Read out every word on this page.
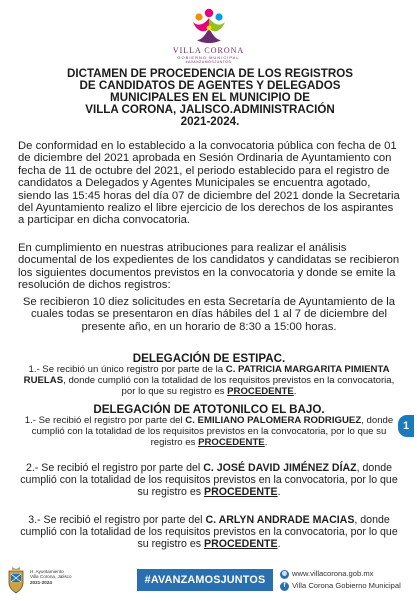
VILLA CORONA
GOBIERNO MUNICIPAL
#AVANZAMOSJUNTOS
DICTAMEN DE PROCEDENCIA DE LOS REGISTROS
DE CANDIDATOS DE AGENTES Y DELEGADOS
MUNICIPALES EN EL MUNICIPIO DE
VILLA CORONA, JALISCO.ADMINISTRACIÓN
2021-2024.

De conformidad en lo establecido a la convocatoria pública con fecha de 01 de diciembre del 2021 aprobada en Sesión Ordinaria de Ayuntamiento con fecha de 11 de octubre del 2021, el periodo establecido para el registro de candidatos a Delegados y Agentes Municipales se encuentra agotado, siendo las 15:45 horas del día 07 de diciembre del 2021 donde la Secretaria del Ayuntamiento realizo el libre ejercicio de los derechos de los aspirantes a participar en dicha convocatoria.

En cumplimiento en nuestras atribuciones para realizar el análisis documental de los expedientes de los candidatos y candidatas se recibieron los siguientes documentos previstos en la convocatoria y donde se emite la resolución de dichos registros:

Se recibieron 10 diez solicitudes en esta Secretaría de Ayuntamiento de la cuales todas se presentaron en días hábiles del 1 al 7 de diciembre del presente año, en un horario de 8:30 a 15:00 horas.

DELEGACIÓN DE ESTIPAC.
1.- Se recibió un único registro por parte de la C. PATRICIA MARGARITA PIMIENTA RUELAS, donde cumplió con la totalidad de los requisitos previstos en la convocatoria, por lo que su registro es PROCEDENTE.
DELEGACIÓN DE ATOTONILCO EL BAJO.
1.- Se recibió el registro por parte del C. EMILIANO PALOMERA RODRIGUEZ, donde cumplió con la totalidad de los requisitos previstos en la convocatoria, por lo que su registro es PROCEDENTE.
2.- Se recibió el registro por parte del C. JOSÉ DAVID JIMÉNEZ DÍAZ, donde cumplió con la totalidad de los requisitos previstos en la convocatoria, por lo que su registro es PROCEDENTE.
3.- Se recibió el registro por parte del C. ARLYN ANDRADE MACIAS, donde cumplió con la totalidad de los requisitos previstos en la convocatoria, por lo que su registro es PROCEDENTE.
1
H. Ayuntamiento
Villa Corona, Jalisco
2021-2024	#AVANZAMOSJUNTOS
◍ www.villacorona.gob.mx
f Villa Corona Gobierno Municipal
